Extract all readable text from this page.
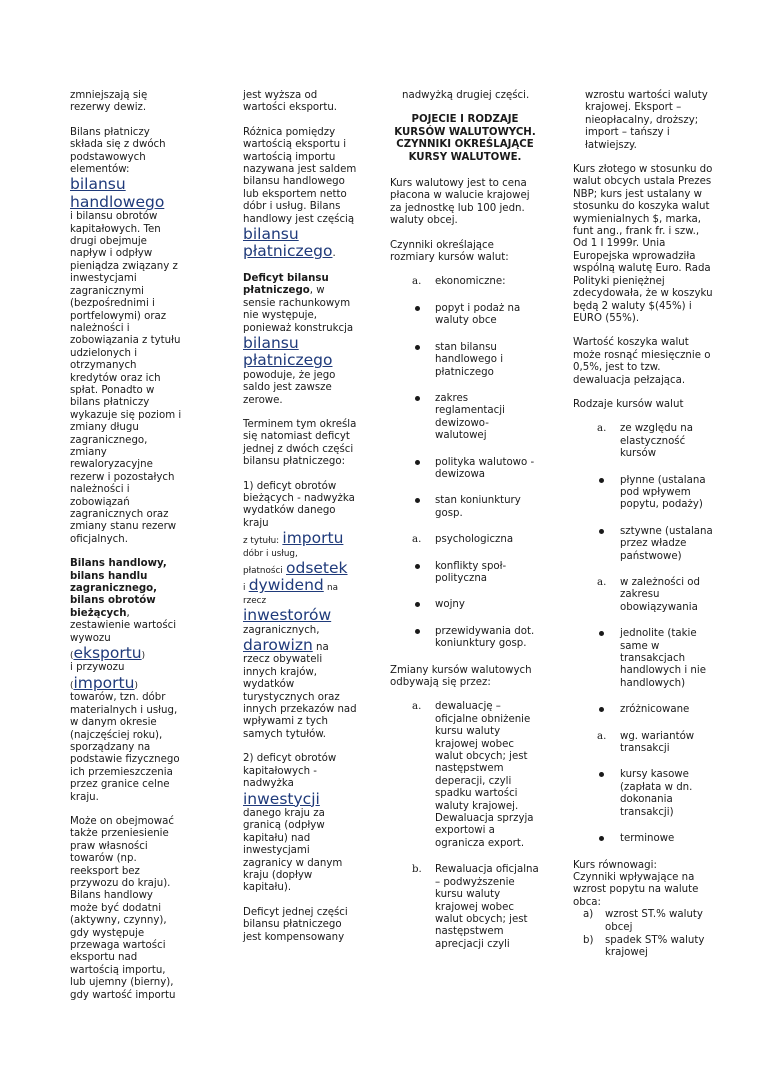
zmniejszają się rezerwy dewiz.
Bilans płatniczy składa się z dwóch podstawowych elementów:
bilansu handlowego
i bilansu obrotów kapitałowych. Ten drugi obejmuje napływ i odpływ pieniądza związany z inwestycjami zagranicznymi (bezpośrednimi i portfelowymi) oraz należności i zobowiązania z tytułu udzielonych i otrzymanych kredytów oraz ich spłat. Ponadto w bilans płatniczy wykazuje się poziom i zmiany długu zagranicznego, zmiany rewaloryzacyjne rezerw i pozostałych należności i zobowiązań zagranicznych oraz zmiany stanu rezerw oficjalnych.
Bilans handlowy, bilans handlu zagranicznego, bilans obrotów bieżących, zestawienie wartości wywozu
(eksportu)
i przywozu
(importu)
towarów, tzn. dóbr materialnych i usług, w danym okresie (najczęściej roku), sporządzany na podstawie fizycznego ich przemieszczenia przez granice celne kraju.
Może on obejmować także przeniesienie praw własności towarów (np. reeksport bez przywozu do kraju). Bilans handlowy może być dodatni (aktywny, czynny), gdy występuje przewaga wartości eksportu nad wartością importu, lub ujemny (bierny), gdy wartość importu
jest wyższa od wartości eksportu.
Różnica pomiędzy wartością eksportu i wartością importu nazywana jest saldem bilansu handlowego lub eksportem netto dóbr i usług. Bilans handlowy jest częścią
bilansu płatniczego.
Deficyt bilansu płatniczego, w sensie rachunkowym nie występuje, ponieważ konstrukcja
bilansu płatniczego
powoduje, że jego saldo jest zawsze zerowe.
Terminem tym określa się natomiast deficyt jednej z dwóch części bilansu płatniczego:
1) deficyt obrotów bieżących - nadwyżka wydatków danego kraju
z tytułu: importu
dóbr i usług,
płatności odsetek
i dywidend na rzecz
inwestorów
zagranicznych,
darowizn na rzecz obywateli innych krajów, wydatków turystycznych oraz innych przekazów nad wpływami z tych samych tytułów.
2) deficyt obrotów kapitałowych - nadwyżka
inwestycji
danego kraju za granicą (odpływ kapitału) nad inwestycjami zagranicy w danym kraju (dopływ kapitału).
Deficyt jednej części bilansu płatniczego jest kompensowany
nadwyżką drugiej części.
POJECIE I RODZAJE KURSÓW WALUTOWYCH. CZYNNIKI OKREŚLAJĄCE KURSY WALUTOWE.
Kurs walutowy jest to cena płacona w walucie krajowej za jednostkę lub 100 jedn. waluty obcej.
Czynniki określające rozmiary kursów walut:
a. ekonomiczne:
popyt i podaż na waluty obce
stan bilansu handlowego i płatniczego
zakres reglamentacji dewizowo-walutowej
polityka walutowo - dewizowa
stan koniunktury gosp.
a. psychologiczna
konflikty społ-polityczna
wojny
przewidywania dot. koniunktury gosp.
Zmiany kursów walutowych odbywają się przez:
a. dewaluację – oficjalne obniżenie kursu waluty krajowej wobec walut obcych; jest następstwem deperacji, czyli spadku wartości waluty krajowej. Dewaluacja sprzyja exportowi a ogranicza export.
b. Rewaluacja oficjalna – podwyższenie kursu waluty krajowej wobec walut obcych; jest następstwem aprecjacji czyli
wzrostu wartości waluty krajowej. Eksport – nieopłacalny, droższy; import – tańszy i łatwiejszy.
Kurs złotego w stosunku do walut obcych ustala Prezes NBP; kurs jest ustalany w stosunku do koszyka walut wymienialnych $, marka, funt ang., frank fr. i szw., Od 1 I 1999r. Unia Europejska wprowadziła wspólną walutę Euro. Rada Polityki pieniężnej zdecydowała, że w koszyku będą 2 waluty $(45%) i EURO (55%).
Wartość koszyka walut może rosnąć miesięcznie o 0,5%, jest to tzw. dewaluacja pełzająca.
Rodzaje kursów walut
a. ze względu na elastyczność kursów
płynne (ustalana pod wpływem popytu, podaży)
sztywne (ustalana przez władze państwowe)
a. w zależności od zakresu obowiązywania
jednolite (takie same w transakcjach handlowych i nie handlowych)
zróżnicowane
a. wg. wariantów transakcji
kursy kasowe (zapłata w dn. dokonania transakcji)
terminowe
Kurs równowagi:
Czynniki wpływające na wzrost popytu na walute obca:
a) wzrost ST.% waluty obcej
b) spadek ST% waluty krajowej
